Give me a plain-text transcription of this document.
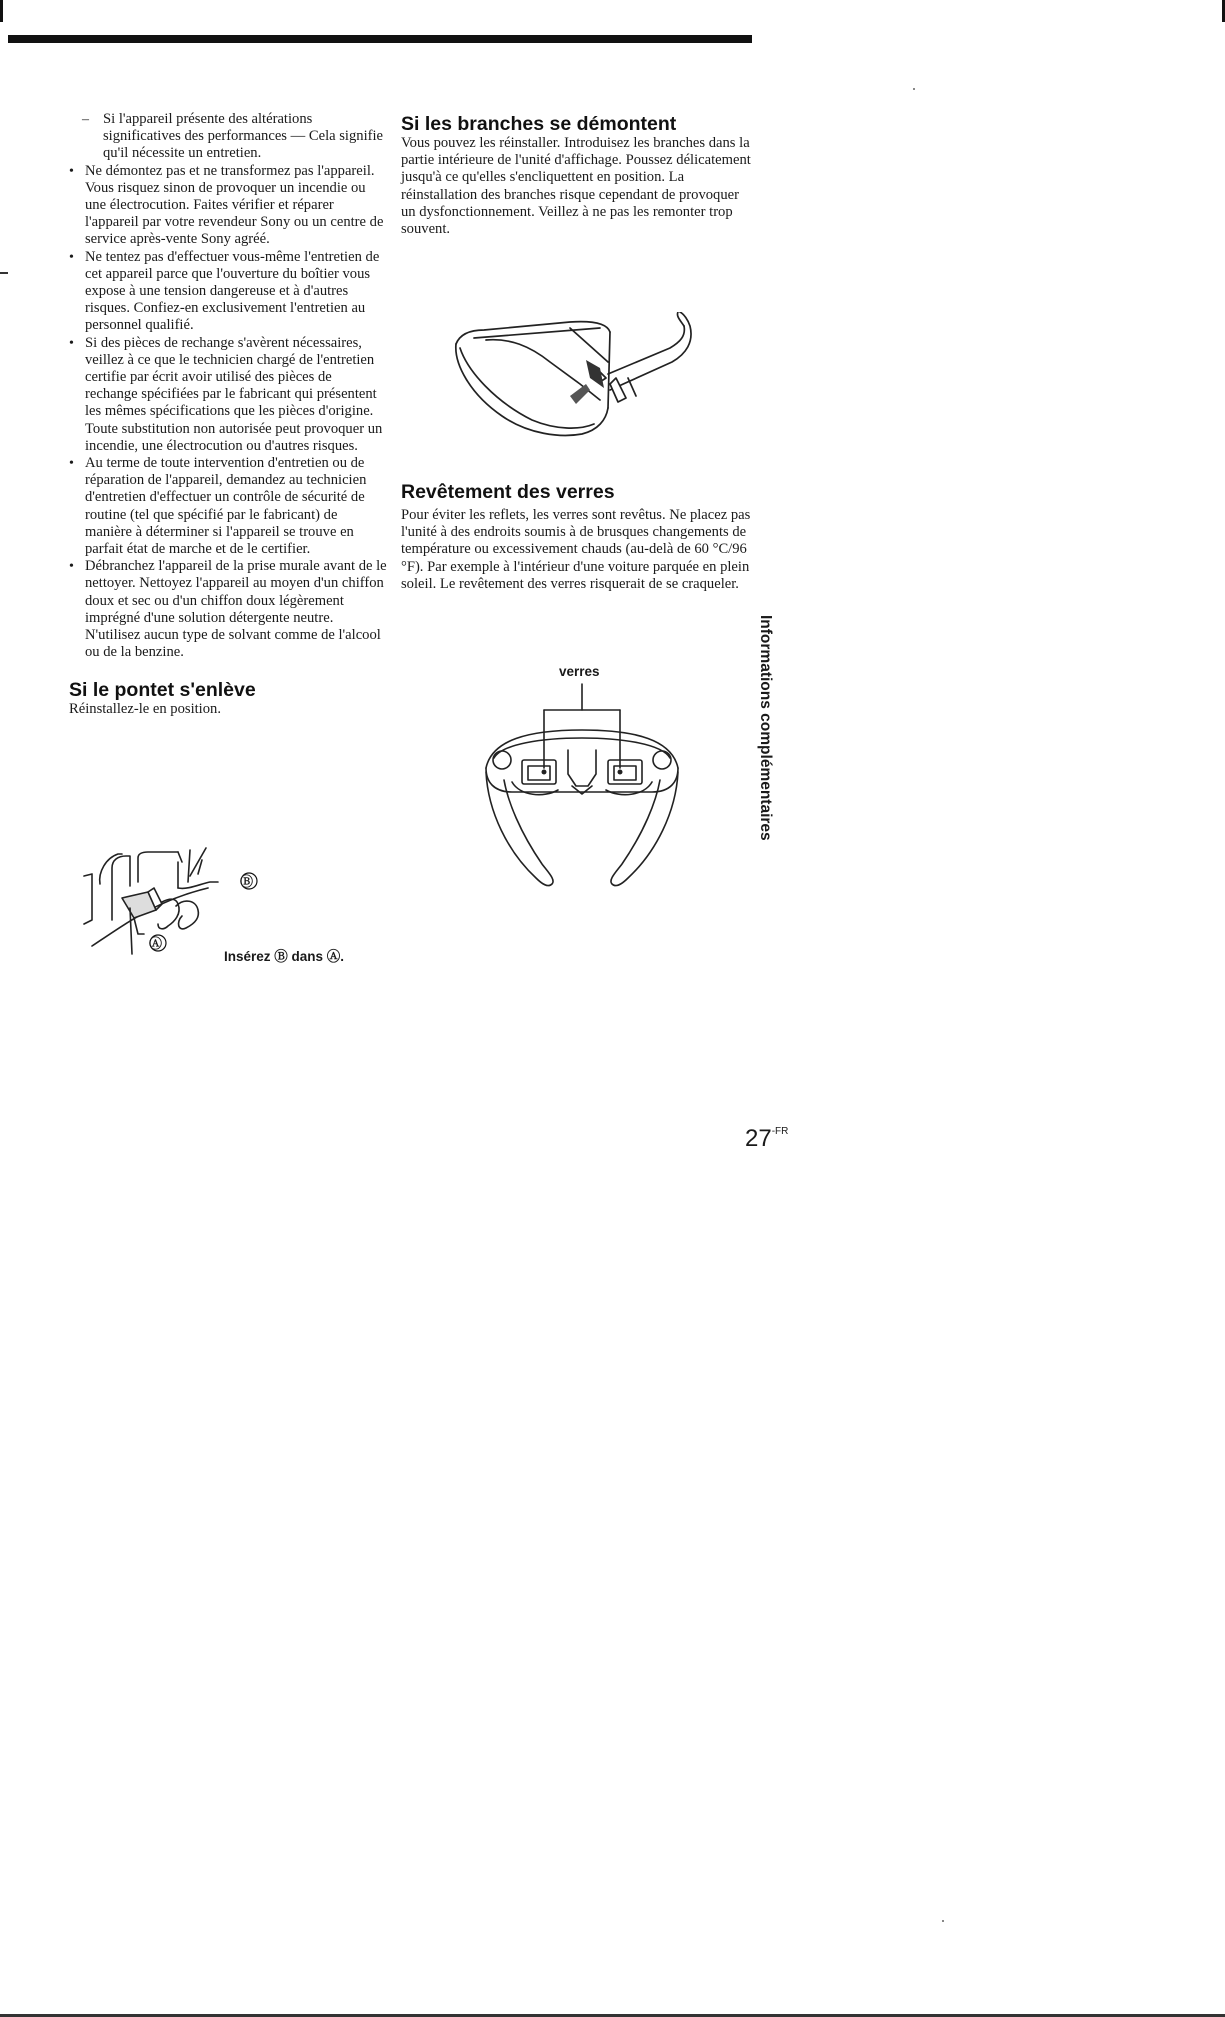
– Si l'appareil présente des altérations significatives des performances — Cela signifie qu'il nécessite un entretien.
• Ne démontez pas et ne transformez pas l'appareil. Vous risquez sinon de provoquer un incendie ou une électrocution. Faites vérifier et réparer l'appareil par votre revendeur Sony ou un centre de service après-vente Sony agréé.
• Ne tentez pas d'effectuer vous-même l'entretien de cet appareil parce que l'ouverture du boîtier vous expose à une tension dangereuse et à d'autres risques. Confiez-en exclusivement l'entretien au personnel qualifié.
• Si des pièces de rechange s'avèrent nécessaires, veillez à ce que le technicien chargé de l'entretien certifie par écrit avoir utilisé des pièces de rechange spécifiées par le fabricant qui présentent les mêmes spécifications que les pièces d'origine. Toute substitution non autorisée peut provoquer un incendie, une électrocution ou d'autres risques.
• Au terme de toute intervention d'entretien ou de réparation de l'appareil, demandez au technicien d'entretien d'effectuer un contrôle de sécurité de routine (tel que spécifié par le fabricant) de manière à déterminer si l'appareil se trouve en parfait état de marche et de le certifier.
• Débranchez l'appareil de la prise murale avant de le nettoyer. Nettoyez l'appareil au moyen d'un chiffon doux et sec ou d'un chiffon doux légèrement imprégné d'une solution détergente neutre. N'utilisez aucun type de solvant comme de l'alcool ou de la benzine.
Si le pontet s'enlève

Réinstallez-le en position.

Ⓑ
Ⓐ
Insérez Ⓑ dans Ⓐ.
Si les branches se démontent

Vous pouvez les réinstaller. Introduisez les branches dans la partie intérieure de l'unité d'affichage. Poussez délicatement jusqu'à ce qu'elles s'encliquettent en position. La réinstallation des branches risque cependant de provoquer un dysfonctionnement. Veillez à ne pas les remonter trop souvent.

Revêtement des verres

Pour éviter les reflets, les verres sont revêtus. Ne placez pas l'unité à des endroits soumis à de brusques changements de température ou excessivement chauds (au-delà de 60 °C/96 °F). Par exemple à l'intérieur d'une voiture parquée en plein soleil. Le revêtement des verres risquerait de se craqueler.

verres	Informations complémentaires
$27^{-FR}$
